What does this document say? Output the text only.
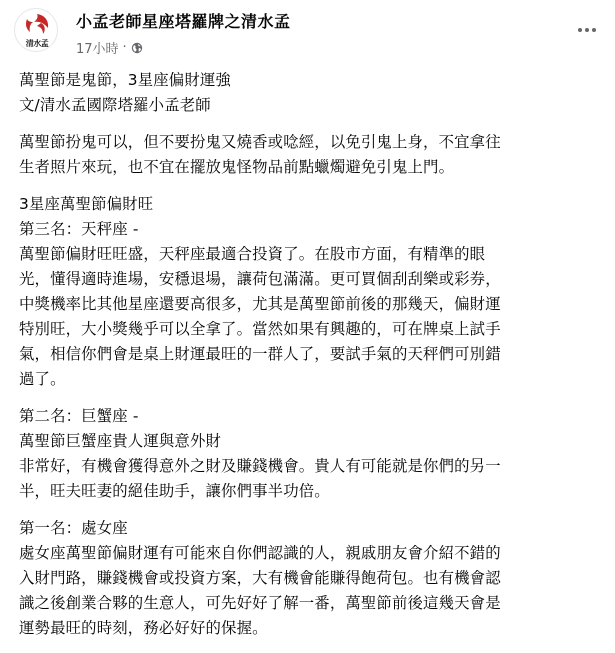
清水孟
小孟老師星座塔羅牌之清水孟
17小時 ·

萬聖節是鬼節，3星座偏財運強
文/清水孟國際塔羅小孟老師

萬聖節扮鬼可以，但不要扮鬼又燒香或唸經，以免引鬼上身，不宜拿往
生者照片來玩，也不宜在擺放鬼怪物品前點蠟燭避免引鬼上門。

3星座萬聖節偏財旺
第三名：天秤座 -
萬聖節偏財旺旺盛，天秤座最適合投資了。在股市方面，有精準的眼
光，懂得適時進場，安穩退場，讓荷包滿滿。更可買個刮刮樂或彩券，
中獎機率比其他星座還要高很多，尤其是萬聖節前後的那幾天，偏財運
特別旺，大小獎幾乎可以全拿了。當然如果有興趣的，可在牌桌上試手
氣，相信你們會是桌上財運最旺的一群人了，要試手氣的天秤們可別錯
過了。

第二名：巨蟹座 -
萬聖節巨蟹座貴人運與意外財
非常好，有機會獲得意外之財及賺錢機會。貴人有可能就是你們的另一
半，旺夫旺妻的絕佳助手，讓你們事半功倍。

第一名：處女座
處女座萬聖節偏財運有可能來自你們認識的人，親戚朋友會介紹不錯的
入財門路，賺錢機會或投資方案，大有機會能賺得飽荷包。也有機會認
識之後創業合夥的生意人，可先好好了解一番，萬聖節前後這幾天會是
運勢最旺的時刻，務必好好的保握。
